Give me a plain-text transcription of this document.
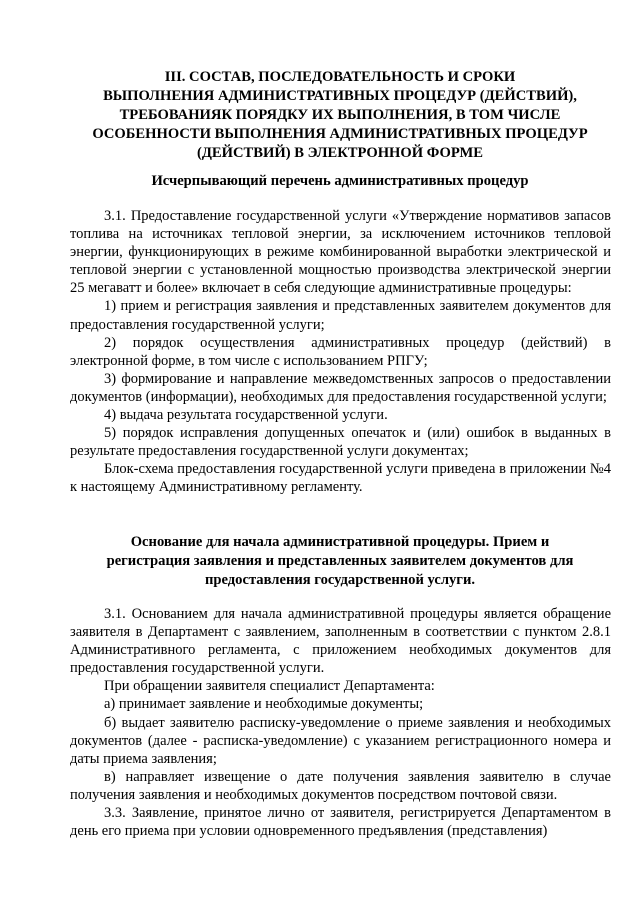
III. СОСТАВ, ПОСЛЕДОВАТЕЛЬНОСТЬ И СРОКИ
ВЫПОЛНЕНИЯ АДМИНИСТРАТИВНЫХ ПРОЦЕДУР (ДЕЙСТВИЙ),
ТРЕБОВАНИЯК ПОРЯДКУ ИХ ВЫПОЛНЕНИЯ, В ТОМ ЧИСЛЕ
ОСОБЕННОСТИ ВЫПОЛНЕНИЯ АДМИНИСТРАТИВНЫХ ПРОЦЕДУР
(ДЕЙСТВИЙ) В ЭЛЕКТРОННОЙ ФОРМЕ
Исчерпывающий перечень административных процедур

3.1. Предоставление государственной услуги «Утверждение нормативов запасов топлива на источниках тепловой энергии, за исключением источников тепловой энергии, функционирующих в режиме комбинированной выработки электрической и тепловой энергии с установленной мощностью производства электрической энергии 25 мегаватт и более» включает в себя следующие административные процедуры:

1) прием и регистрация заявления и представленных заявителем документов для предоставления государственной услуги;

2) порядок осуществления административных процедур (действий) в электронной форме, в том числе с использованием РПГУ;

3) формирование и направление межведомственных запросов о предоставлении документов (информации), необходимых для предоставления государственной услуги;

4) выдача результата государственной услуги.

5) порядок исправления допущенных опечаток и (или) ошибок в выданных в результате предоставления государственной услуги документах;

Блок-схема предоставления государственной услуги приведена в приложении №4 к настоящему Административному регламенту.

Основание для начала административной процедуры. Прием и
регистрация заявления и представленных заявителем документов для
предоставления государственной услуги.

3.1. Основанием для начала административной процедуры является обращение заявителя в Департамент с заявлением, заполненным в соответствии с пунктом 2.8.1 Административного регламента, с приложением необходимых документов для предоставления государственной услуги.

При обращении заявителя специалист Департамента:

а) принимает заявление и необходимые документы;

б) выдает заявителю расписку-уведомление о приеме заявления и необходимых документов (далее - расписка-уведомление) с указанием регистрационного номера и даты приема заявления;

в) направляет извещение о дате получения заявления заявителю в случае получения заявления и необходимых документов посредством почтовой связи.

3.3. Заявление, принятое лично от заявителя, регистрируется Департаментом в день его приема при условии одновременного предъявления (представления)
